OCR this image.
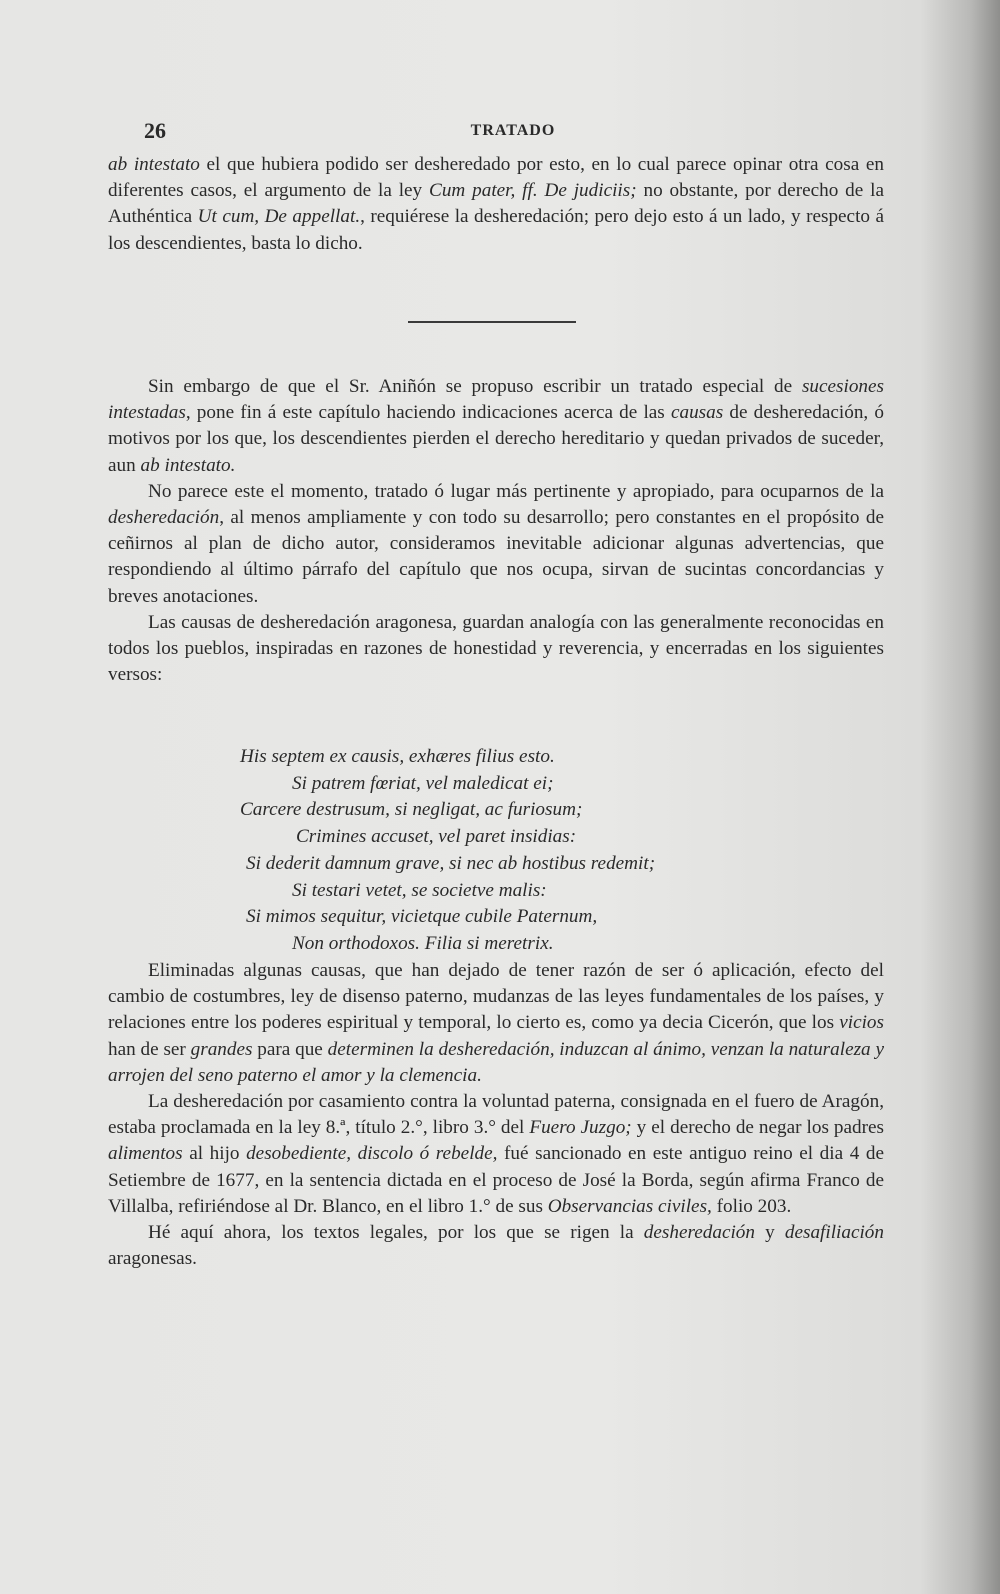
26	TRATADO

ab intestato el que hubiera podido ser desheredado por esto, en lo cual parece opinar otra cosa en diferentes casos, el argumento de la ley Cum pater, ff. De judiciis; no obstante, por derecho de la Authéntica Ut cum, De appellat., requiérese la desheredación; pero dejo esto á un lado, y respecto á los descendientes, basta lo dicho.

Sin embargo de que el Sr. Aniñón se propuso escribir un tratado especial de sucesiones intestadas, pone fin á este capítulo haciendo indicaciones acerca de las causas de desheredación, ó motivos por los que, los descendientes pierden el derecho hereditario y quedan privados de suceder, aun ab intestato.

No parece este el momento, tratado ó lugar más pertinente y apropiado, para ocuparnos de la desheredación, al menos ampliamente y con todo su desarrollo; pero constantes en el propósito de ceñirnos al plan de dicho autor, consideramos inevitable adicionar algunas advertencias, que respondiendo al último párrafo del capítulo que nos ocupa, sirvan de sucintas concordancias y breves anotaciones.

Las causas de desheredación aragonesa, guardan analogía con las generalmente reconocidas en todos los pueblos, inspiradas en razones de honestidad y reverencia, y encerradas en los siguientes versos:

His septem ex causis, exhæres filius esto.
Si patrem fœriat, vel maledicat ei;
Carcere destrusum, si negligat, ac furiosum;
Crimines accuset, vel paret insidias:
Si dederit damnum grave, si nec ab hostibus redemit;
Si testari vetet, se societve malis:
Si mimos sequitur, vicietque cubile Paternum,
Non orthodoxos. Filia si meretrix.

Eliminadas algunas causas, que han dejado de tener razón de ser ó aplicación, efecto del cambio de costumbres, ley de disenso paterno, mudanzas de las leyes fundamentales de los países, y relaciones entre los poderes espiritual y temporal, lo cierto es, como ya decia Cicerón, que los vicios han de ser grandes para que determinen la desheredación, induzcan al ánimo, venzan la naturaleza y arrojen del seno paterno el amor y la clemencia.

La desheredación por casamiento contra la voluntad paterna, consignada en el fuero de Aragón, estaba proclamada en la ley 8.ª, título 2.°, libro 3.° del Fuero Juzgo; y el derecho de negar los padres alimentos al hijo desobediente, discolo ó rebelde, fué sancionado en este antiguo reino el dia 4 de Setiembre de 1677, en la sentencia dictada en el proceso de José la Borda, según afirma Franco de Villalba, refiriéndose al Dr. Blanco, en el libro 1.° de sus Observancias civiles, folio 203.

Hé aquí ahora, los textos legales, por los que se rigen la desheredación y desafiliación aragonesas.
